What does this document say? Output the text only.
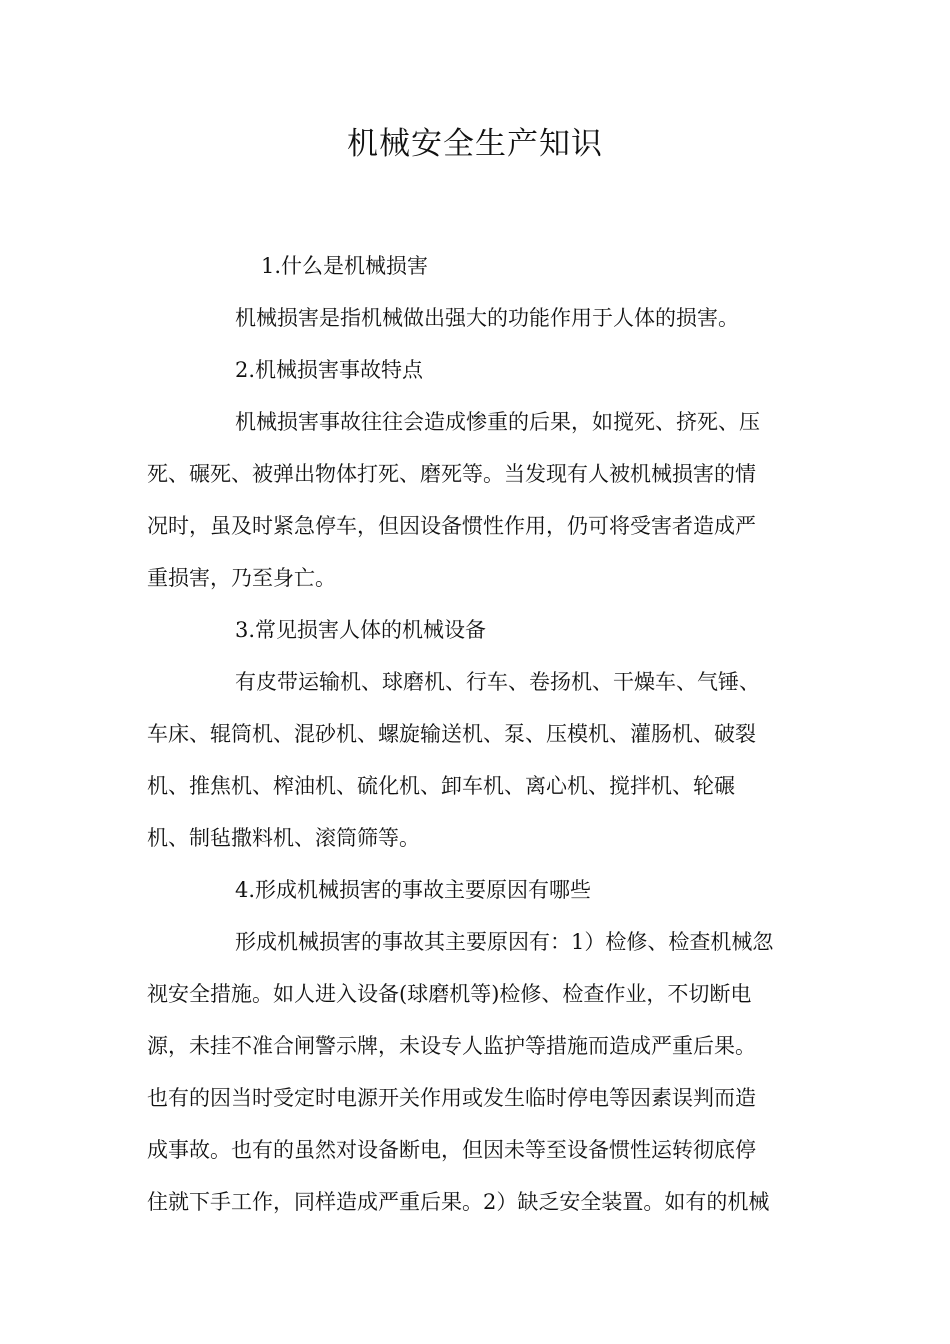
机械安全生产知识
1.什么是机械损害
机械损害是指机械做出强大的功能作用于人体的损害。
2.机械损害事故特点
机械损害事故往往会造成惨重的后果，如搅死、挤死、压
死、碾死、被弹出物体打死、磨死等。当发现有人被机械损害的情
况时，虽及时紧急停车，但因设备惯性作用，仍可将受害者造成严
重损害，乃至身亡。
3.常见损害人体的机械设备
有皮带运输机、球磨机、行车、卷扬机、干燥车、气锤、
车床、辊筒机、混砂机、螺旋输送机、泵、压模机、灌肠机、破裂
机、推焦机、榨油机、硫化机、卸车机、离心机、搅拌机、轮碾
机、制毡撒料机、滚筒筛等。
4.形成机械损害的事故主要原因有哪些
形成机械损害的事故其主要原因有：1）检修、检查机械忽
视安全措施。如人进入设备(球磨机等)检修、检查作业，不切断电
源，未挂不准合闸警示牌，未设专人监护等措施而造成严重后果。
也有的因当时受定时电源开关作用或发生临时停电等因素误判而造
成事故。也有的虽然对设备断电，但因未等至设备惯性运转彻底停
住就下手工作，同样造成严重后果。2）缺乏安全装置。如有的机械
